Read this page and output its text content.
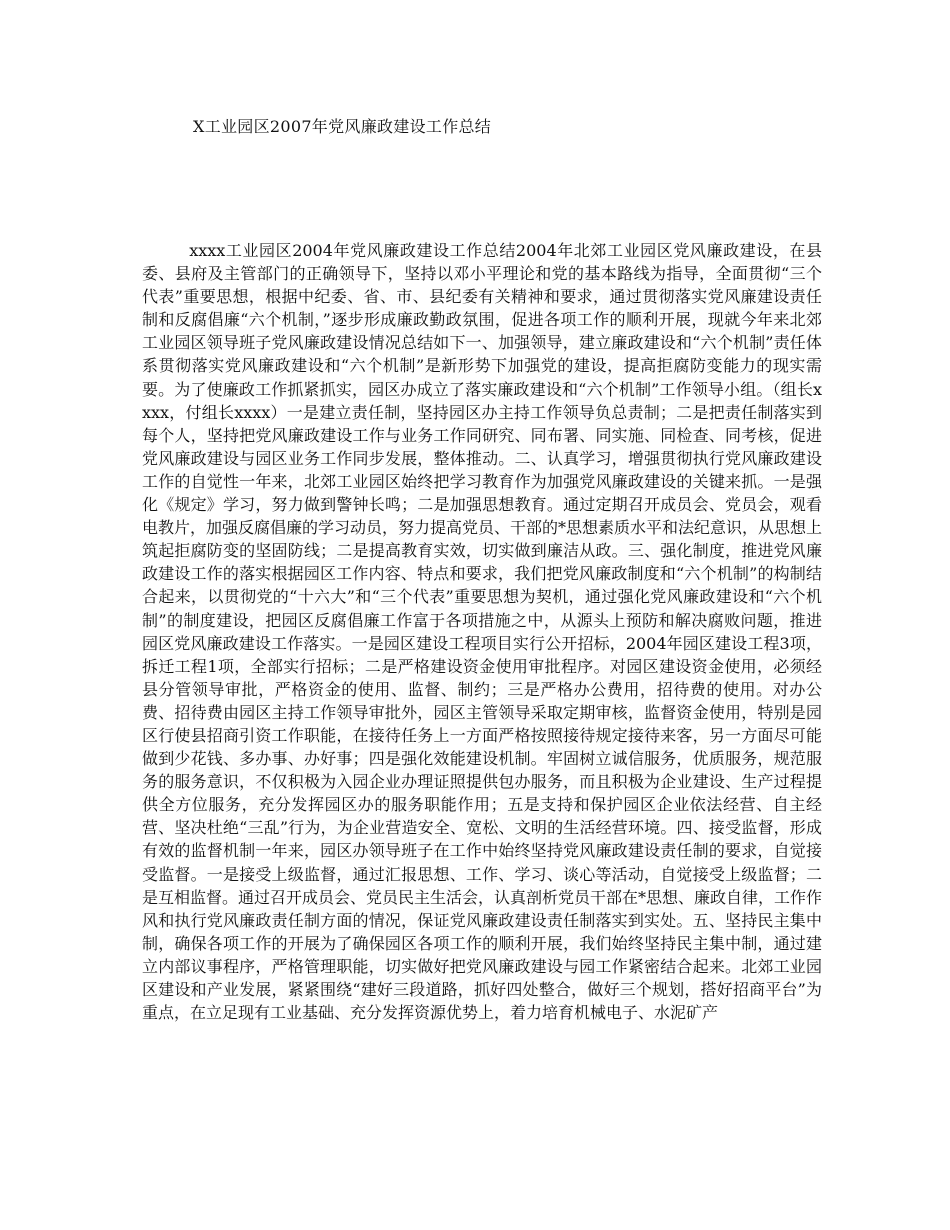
X工业园区2007年党风廉政建设工作总结

xxxx工业园区2004年党风廉政建设工作总结2004年北郊工业园区党风廉政建设，在县委、县府及主管部门的正确领导下，坚持以邓小平理论和党的基本路线为指导，全面贯彻“三个代表”重要思想，根据中纪委、省、市、县纪委有关精神和要求，通过贯彻落实党风廉建设责任制和反腐倡廉“六个机制，”逐步形成廉政勤政氛围，促进各项工作的顺利开展，现就今年来北郊工业园区领导班子党风廉政建设情况总结如下一、加强领导，建立廉政建设和“六个机制”责任体系贯彻落实党风廉政建设和“六个机制”是新形势下加强党的建设，提高拒腐防变能力的现实需要。为了使廉政工作抓紧抓实，园区办成立了落实廉政建设和“六个机制”工作领导小组。（组长xxxx，付组长xxxx）一是建立责任制，坚持园区办主持工作领导负总责制；二是把责任制落实到每个人，坚持把党风廉政建设工作与业务工作同研究、同布署、同实施、同检查、同考核，促进党风廉政建设与园区业务工作同步发展，整体推动。二、认真学习，增强贯彻执行党风廉政建设工作的自觉性一年来，北郊工业园区始终把学习教育作为加强党风廉政建设的关键来抓。一是强化《规定》学习，努力做到警钟长鸣；二是加强思想教育。通过定期召开成员会、党员会，观看电教片，加强反腐倡廉的学习动员，努力提高党员、干部的*思想素质水平和法纪意识，从思想上筑起拒腐防变的坚固防线；二是提高教育实效，切实做到廉洁从政。三、强化制度，推进党风廉政建设工作的落实根据园区工作内容、特点和要求，我们把党风廉政制度和“六个机制”的构制结合起来，以贯彻党的“十六大”和“三个代表”重要思想为契机，通过强化党风廉政建设和“六个机制”的制度建设，把园区反腐倡廉工作富于各项措施之中，从源头上预防和解决腐败问题，推进园区党风廉政建设工作落实。一是园区建设工程项目实行公开招标，2004年园区建设工程3项，拆迁工程1项，全部实行招标；二是严格建设资金使用审批程序。对园区建设资金使用，必须经县分管领导审批，严格资金的使用、监督、制约；三是严格办公费用，招待费的使用。对办公费、招待费由园区主持工作领导审批外，园区主管领导采取定期审核，监督资金使用，特别是园区行使县招商引资工作职能，在接待任务上一方面严格按照接待规定接待来客，另一方面尽可能做到少花钱、多办事、办好事；四是强化效能建设机制。牢固树立诚信服务，优质服务，规范服务的服务意识，不仅积极为入园企业办理证照提供包办服务，而且积极为企业建设、生产过程提供全方位服务，充分发挥园区办的服务职能作用；五是支持和保护园区企业依法经营、自主经营、坚决杜绝“三乱”行为，为企业营造安全、宽松、文明的生活经营环境。四、接受监督，形成有效的监督机制一年来，园区办领导班子在工作中始终坚持党风廉政建设责任制的要求，自觉接受监督。一是接受上级监督，通过汇报思想、工作、学习、谈心等活动，自觉接受上级监督；二是互相监督。通过召开成员会、党员民主生活会，认真剖析党员干部在*思想、廉政自律，工作作风和执行党风廉政责任制方面的情况，保证党风廉政建设责任制落实到实处。五、坚持民主集中制，确保各项工作的开展为了确保园区各项工作的顺利开展，我们始终坚持民主集中制，通过建立内部议事程序，严格管理职能，切实做好把党风廉政建设与园工作紧密结合起来。北郊工业园区建设和产业发展，紧紧围绕“建好三段道路，抓好四处整合，做好三个规划，搭好招商平台”为重点，在立足现有工业基础、充分发挥资源优势上，着力培育机械电子、水泥矿产
